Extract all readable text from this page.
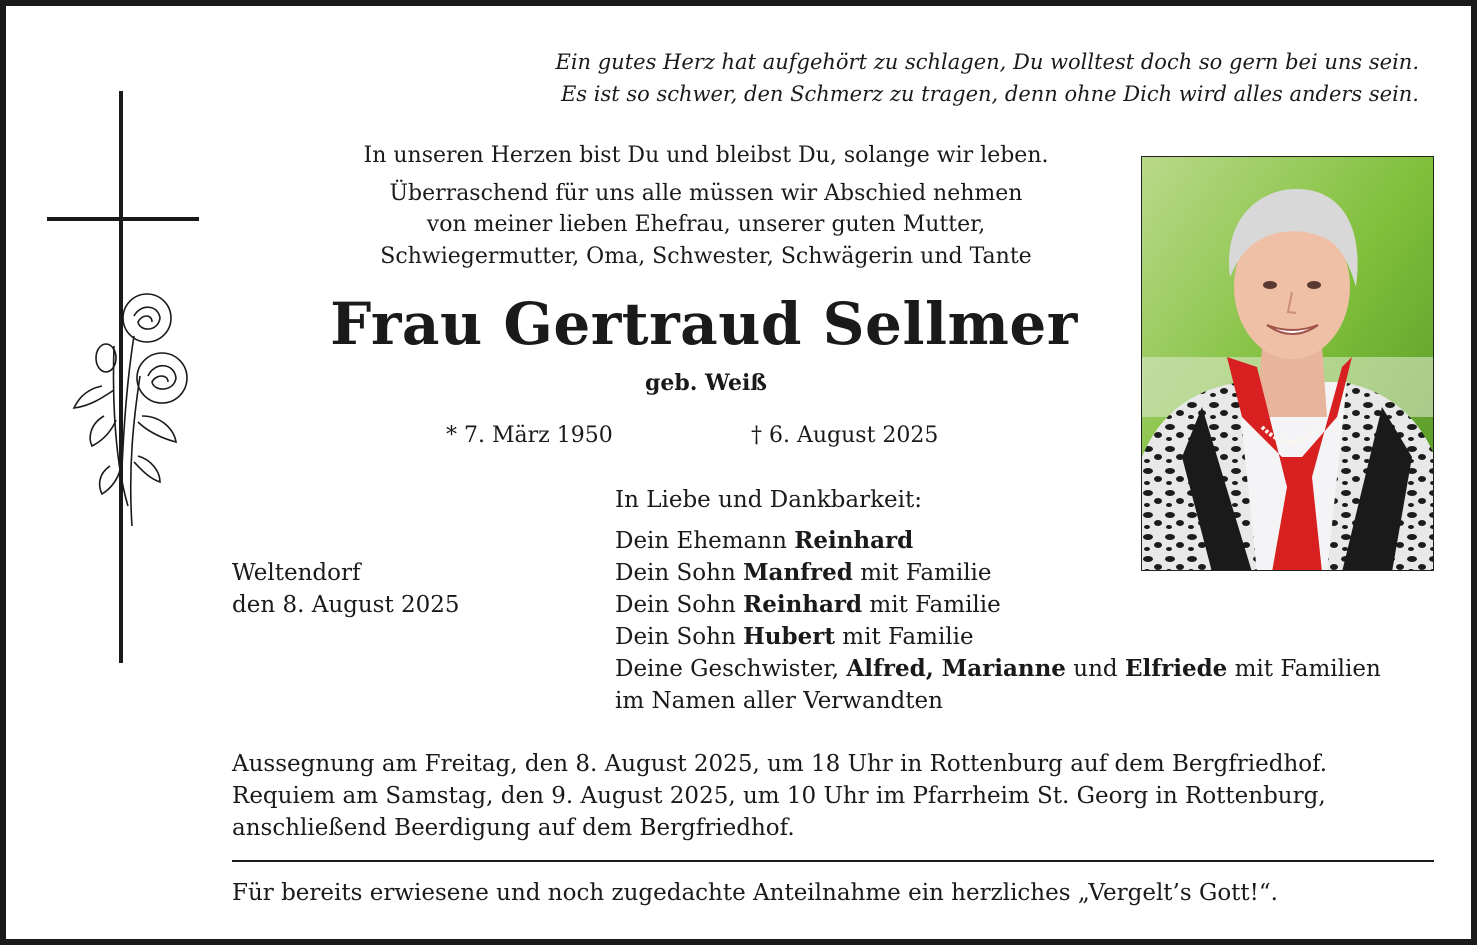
Ein gutes Herz hat aufgehört zu schlagen, Du wolltest doch so gern bei uns sein.
Es ist so schwer, den Schmerz zu tragen, denn ohne Dich wird alles anders sein.
In unseren Herzen bist Du und bleibst Du, solange wir leben.
Überraschend für uns alle müssen wir Abschied nehmen
von meiner lieben Ehefrau, unserer guten Mutter,
Schwiegermutter, Oma, Schwester, Schwägerin und Tante
Frau Gertraud Sellmer
geb. Weiß
* 7. März 1950	† 6. August 2025
Weltendorf
den 8. August 2025
In Liebe und Dankbarkeit:
Dein Ehemann Reinhard
Dein Sohn Manfred mit Familie
Dein Sohn Reinhard mit Familie
Dein Sohn Hubert mit Familie
Deine Geschwister, Alfred, Marianne und Elfriede mit Familien
im Namen aller Verwandten
Aussegnung am Freitag, den 8. August 2025, um 18 Uhr in Rottenburg auf dem Bergfriedhof.
Requiem am Samstag, den 9. August 2025, um 10 Uhr im Pfarrheim St. Georg in Rottenburg,
anschließend Beerdigung auf dem Bergfriedhof.
Für bereits erwiesene und noch zugedachte Anteilnahme ein herzliches „Vergelt’s Gott!“.
